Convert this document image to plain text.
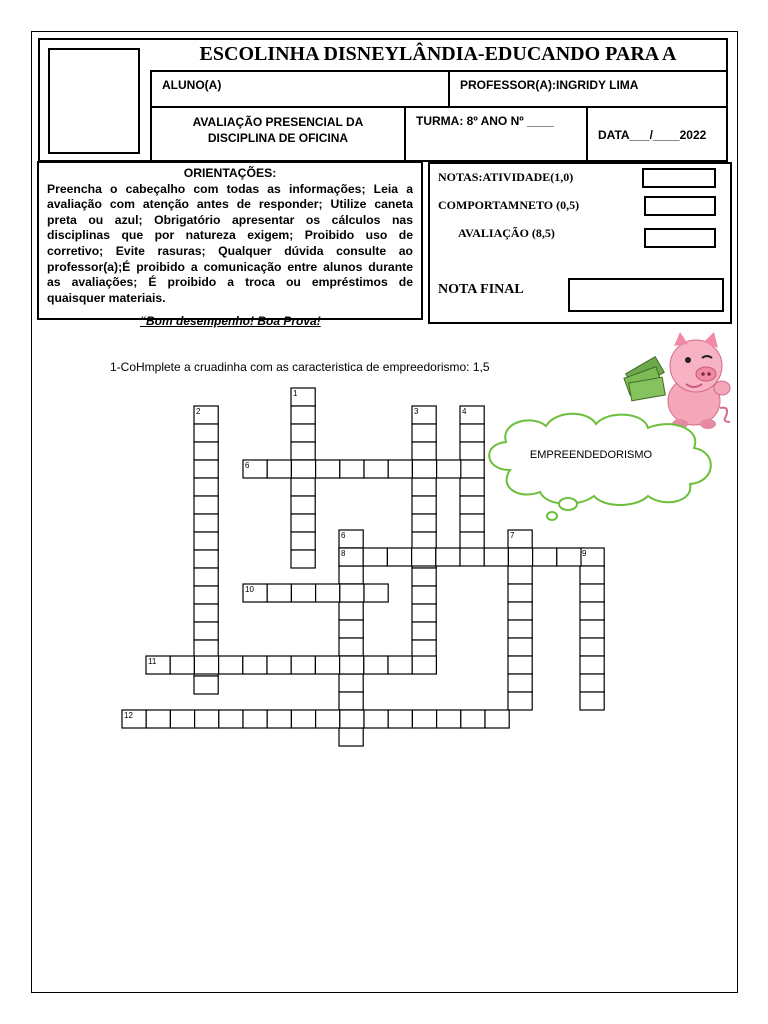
ESCOLINHA DISNEYLÂNDIA-EDUCANDO PARA A
ALUNO(A)	PROFESSOR(A):INGRIDY LIMA
AVALIAÇÃO PRESENCIAL DA DISCIPLINA DE OFICINA
TURMA: 8º ANO Nº ____
DATA___/____2022
ORIENTAÇÕES:
Preencha o cabeçalho com todas as informações; Leia a avaliação com atenção antes de responder; Utilize caneta preta ou azul; Obrigatório apresentar os cálculos nas disciplinas que por natureza exigem; Proibido uso de corretivo; Evite rasuras; Qualquer dúvida consulte ao professor(a);É proibido a comunicação entre alunos durante as avaliações; É proibido a troca ou empréstimos de quaisquer materiais.
NOTAS:ATIVIDADE(1,0)
COMPORTAMNETO (0,5)
AVALIAÇÃO (8,5)
NOTA FINAL
“Bom desempenho! Boa Prova!
1-CoHmplete a cruadinha com as caracteristica de empreedorismo: 1,5
EMPREENDEDORISMO
1
2	3	4
6
6	7
8	9
10
11
12
